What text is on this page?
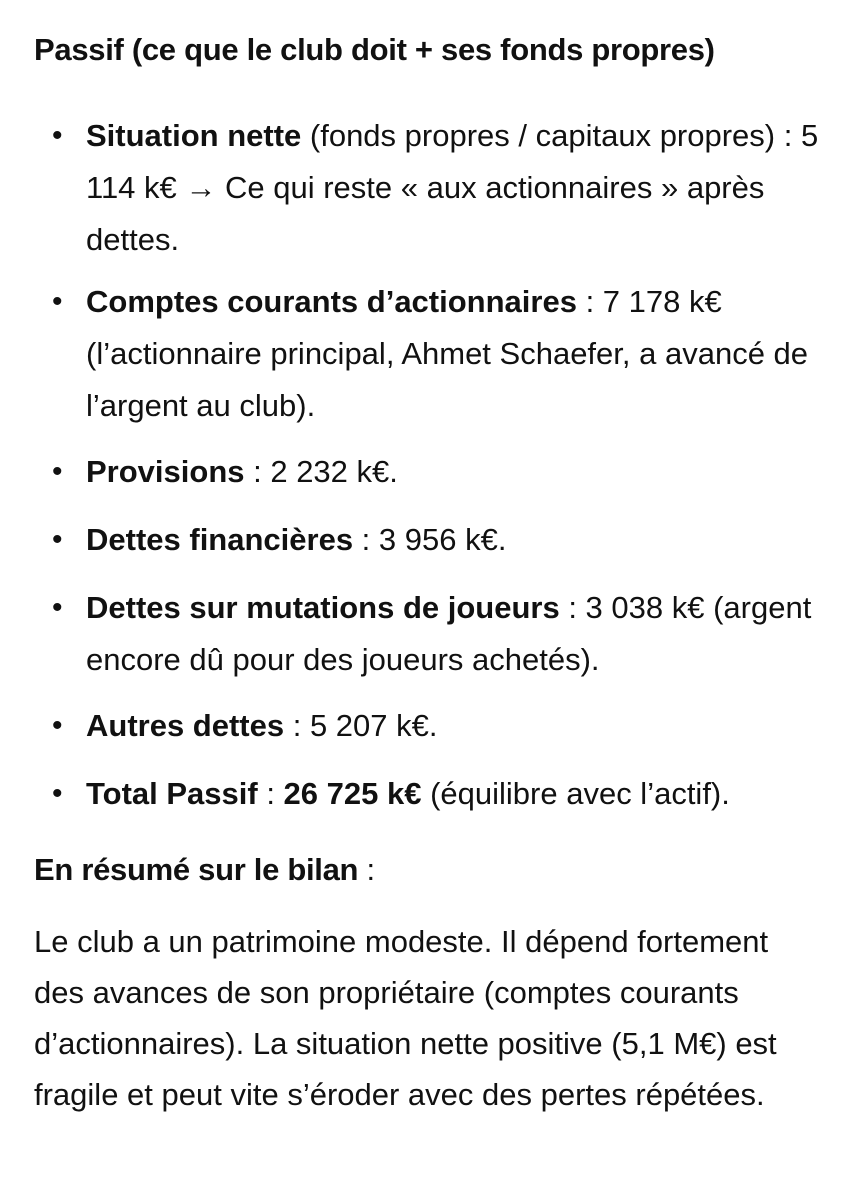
Passif (ce que le club doit + ses fonds propres)
• Situation nette (fonds propres / capitaux propres) : 5 114 k€ → Ce qui reste « aux actionnaires » après dettes.
• Comptes courants d’actionnaires : 7 178 k€ (l’actionnaire principal, Ahmet Schaefer, a avancé de l’argent au club).
• Provisions : 2 232 k€.
• Dettes financières : 3 956 k€.
• Dettes sur mutations de joueurs : 3 038 k€ (argent encore dû pour des joueurs achetés).
• Autres dettes : 5 207 k€.
• Total Passif : 26 725 k€ (équilibre avec l’actif).
En résumé sur le bilan :

Le club a un patrimoine modeste. Il dépend fortement des avances de son propriétaire (comptes courants d’actionnaires). La situation nette positive (5,1 M€) est fragile et peut vite s’éroder avec des pertes répétées.
